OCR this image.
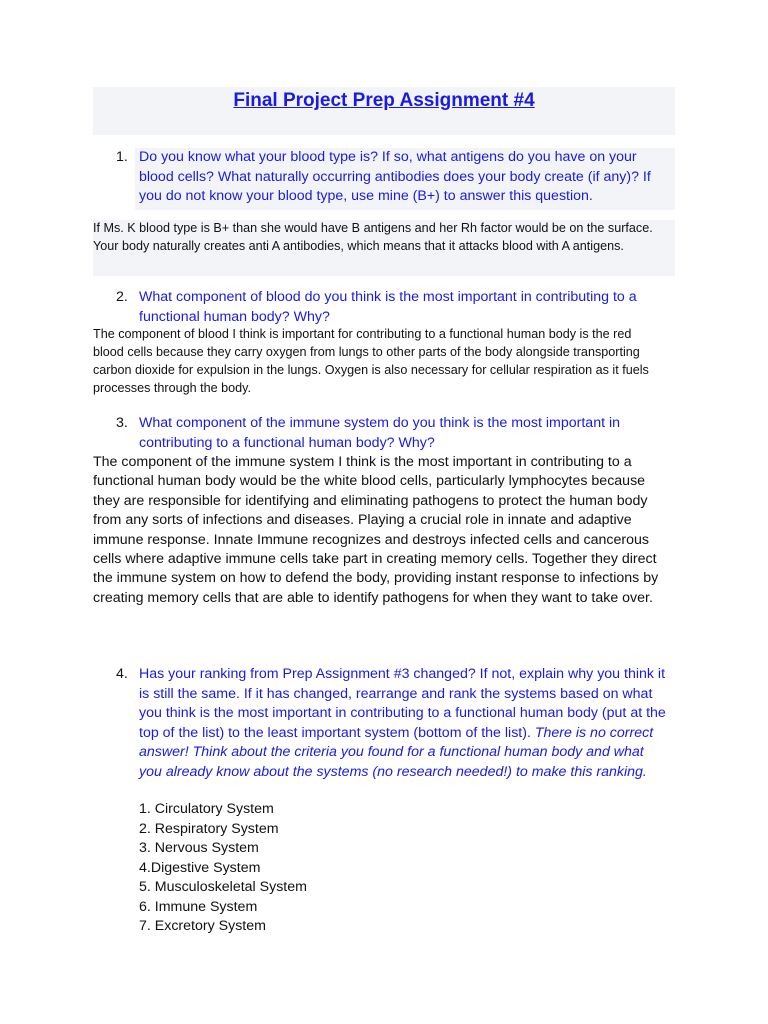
Final Project Prep Assignment #4
1. Do you know what your blood type is? If so, what antigens do you have on your blood cells? What naturally occurring antibodies does your body create (if any)? If you do not know your blood type, use mine (B+) to answer this question.
If Ms. K blood type is B+ than she would have B antigens and her Rh factor would be on the surface. Your body naturally creates anti A antibodies, which means that it attacks blood with A antigens.
2. What component of blood do you think is the most important in contributing to a functional human body? Why?
The component of blood I think is important for contributing to a functional human body is the red blood cells because they carry oxygen from lungs to other parts of the body alongside transporting carbon dioxide for expulsion in the lungs. Oxygen is also necessary for cellular respiration as it fuels processes through the body.
3. What component of the immune system do you think is the most important in contributing to a functional human body? Why?
The component of the immune system I think is the most important in contributing to a functional human body would be the white blood cells, particularly lymphocytes because they are responsible for identifying and eliminating pathogens to protect the human body from any sorts of infections and diseases. Playing a crucial role in innate and adaptive immune response. Innate Immune recognizes and destroys infected cells and cancerous cells where adaptive immune cells take part in creating memory cells. Together they direct the immune system on how to defend the body, providing instant response to infections by creating memory cells that are able to identify pathogens for when they want to take over.
4. Has your ranking from Prep Assignment #3 changed? If not, explain why you think it is still the same. If it has changed, rearrange and rank the systems based on what you think is the most important in contributing to a functional human body (put at the top of the list) to the least important system (bottom of the list). There is no correct answer! Think about the criteria you found for a functional human body and what you already know about the systems (no research needed!) to make this ranking.
1. Circulatory System
2. Respiratory System
3. Nervous System
4.Digestive System
5. Musculoskeletal System
6. Immune System
7. Excretory System
